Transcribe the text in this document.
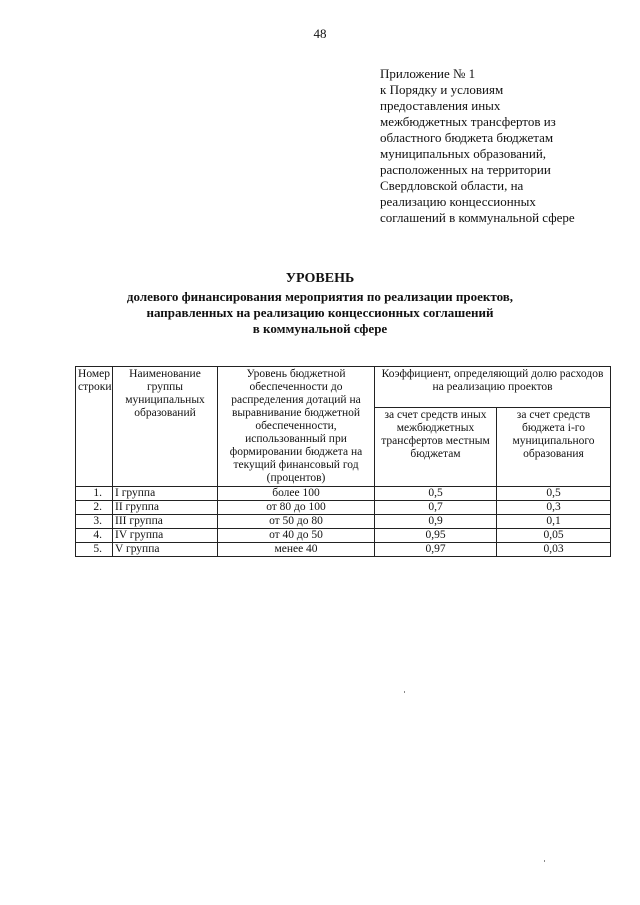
48
Приложение № 1
к Порядку и условиям
предоставления иных
межбюджетных трансфертов из
областного бюджета бюджетам
муниципальных образований,
расположенных на территории
Свердловской области, на
реализацию концессионных
соглашений в коммунальной сфере
УРОВЕНЬ
долевого финансирования мероприятия по реализации проектов,
направленных на реализацию концессионных соглашений
в коммунальной сфере
Номер строки	Наименование группы муниципальных образований	Уровень бюджетной обеспеченности до распределения дотаций на выравнивание бюджетной обеспеченности, использованный при формировании бюджета на текущий финансовый год (процентов)	Коэффициент, определяющий долю расходов на реализацию проектов	
			за счет средств иных межбюджетных трансфертов местным бюджетам	за счет средств бюджета i-го муниципального образования
1.	I группа	более 100	0,5	0,5
2.	II группа	от 80 до 100	0,7	0,3
3.	III группа	от 50 до 80	0,9	0,1
4.	IV группа	от 40 до 50	0,95	0,05
5.	V группа	менее 40	0,97	0,03
